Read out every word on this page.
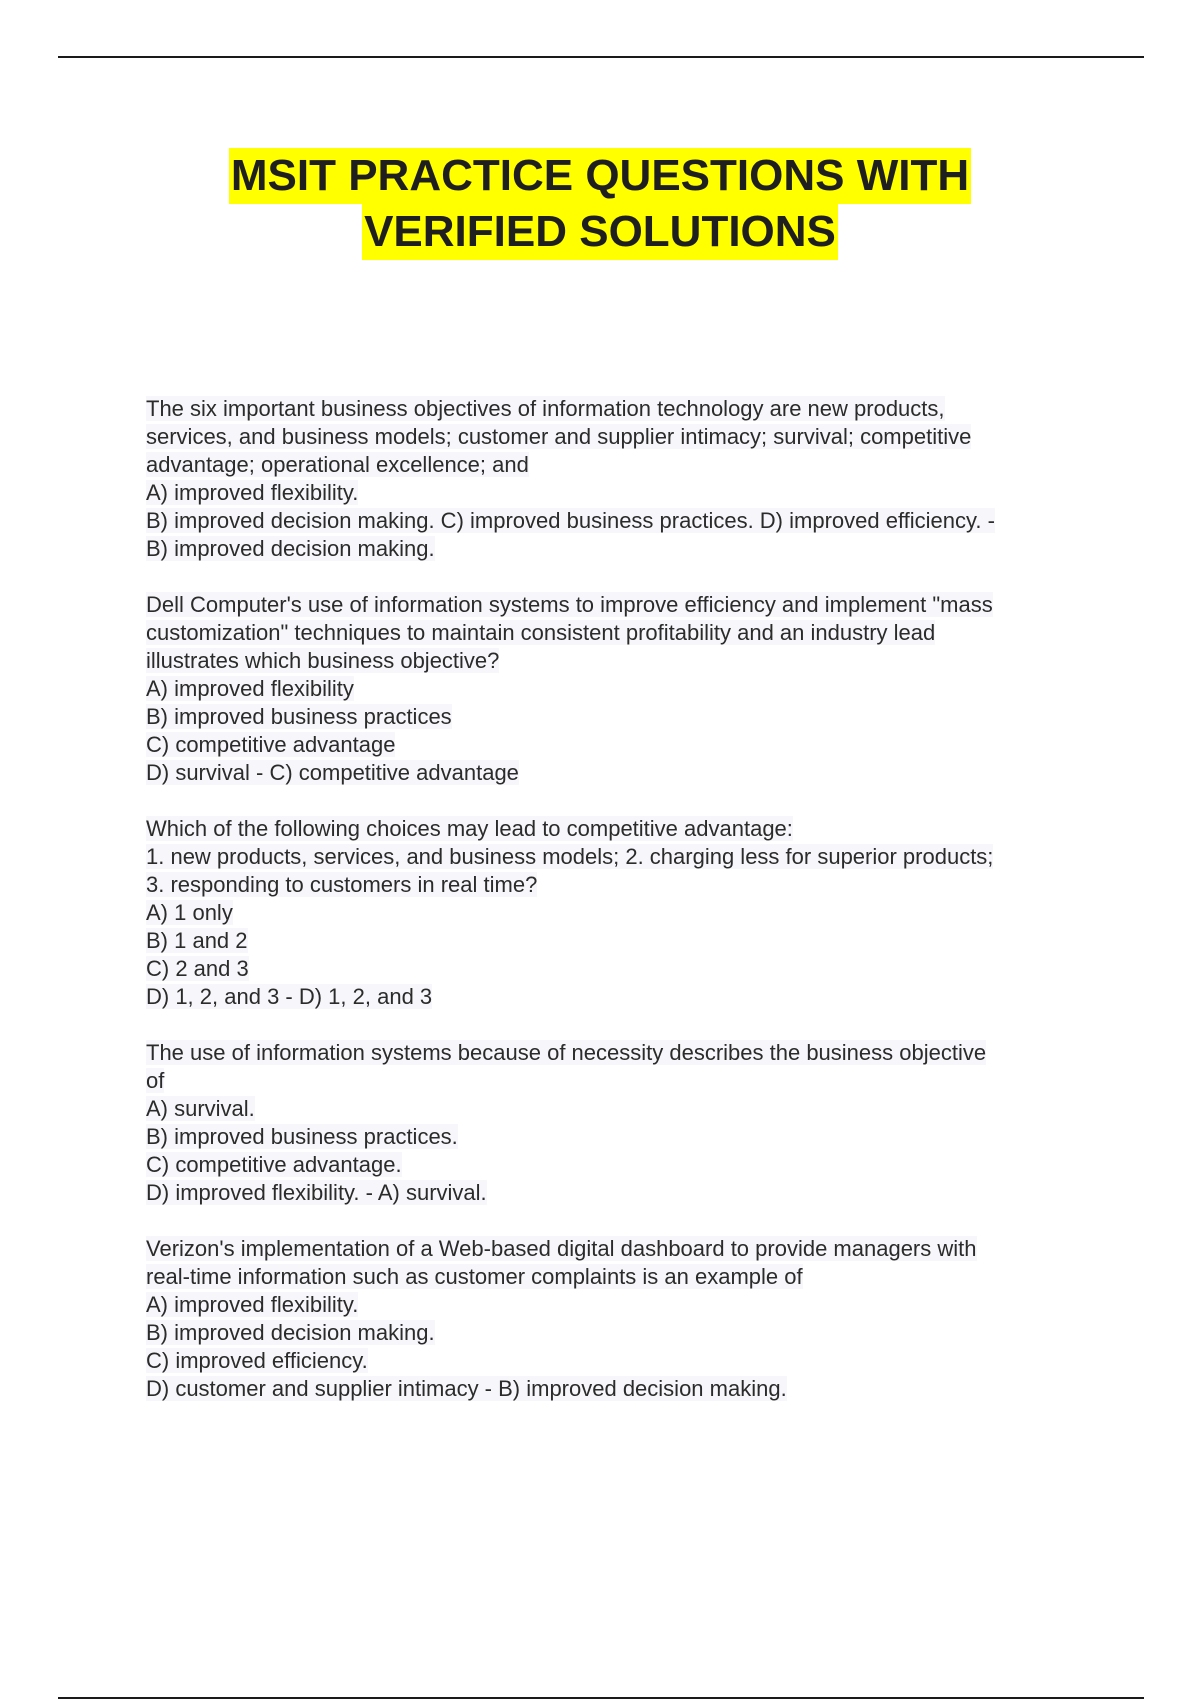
MSIT PRACTICE QUESTIONS WITH
VERIFIED SOLUTIONS
The six important business objectives of information technology are new products,
services, and business models; customer and supplier intimacy; survival; competitive
advantage; operational excellence; and
A) improved flexibility.
B) improved decision making. C) improved business practices. D) improved efficiency. -
B) improved decision making.
Dell Computer's use of information systems to improve efficiency and implement "mass
customization" techniques to maintain consistent profitability and an industry lead
illustrates which business objective?
A) improved flexibility
B) improved business practices
C) competitive advantage
D) survival - C) competitive advantage
Which of the following choices may lead to competitive advantage:
1. new products, services, and business models; 2. charging less for superior products;
3. responding to customers in real time?
A) 1 only
B) 1 and 2
C) 2 and 3
D) 1, 2, and 3 - D) 1, 2, and 3
The use of information systems because of necessity describes the business objective
of
A) survival.
B) improved business practices.
C) competitive advantage.
D) improved flexibility. - A) survival.
Verizon's implementation of a Web-based digital dashboard to provide managers with
real-time information such as customer complaints is an example of
A) improved flexibility.
B) improved decision making.
C) improved efficiency.
D) customer and supplier intimacy - B) improved decision making.
